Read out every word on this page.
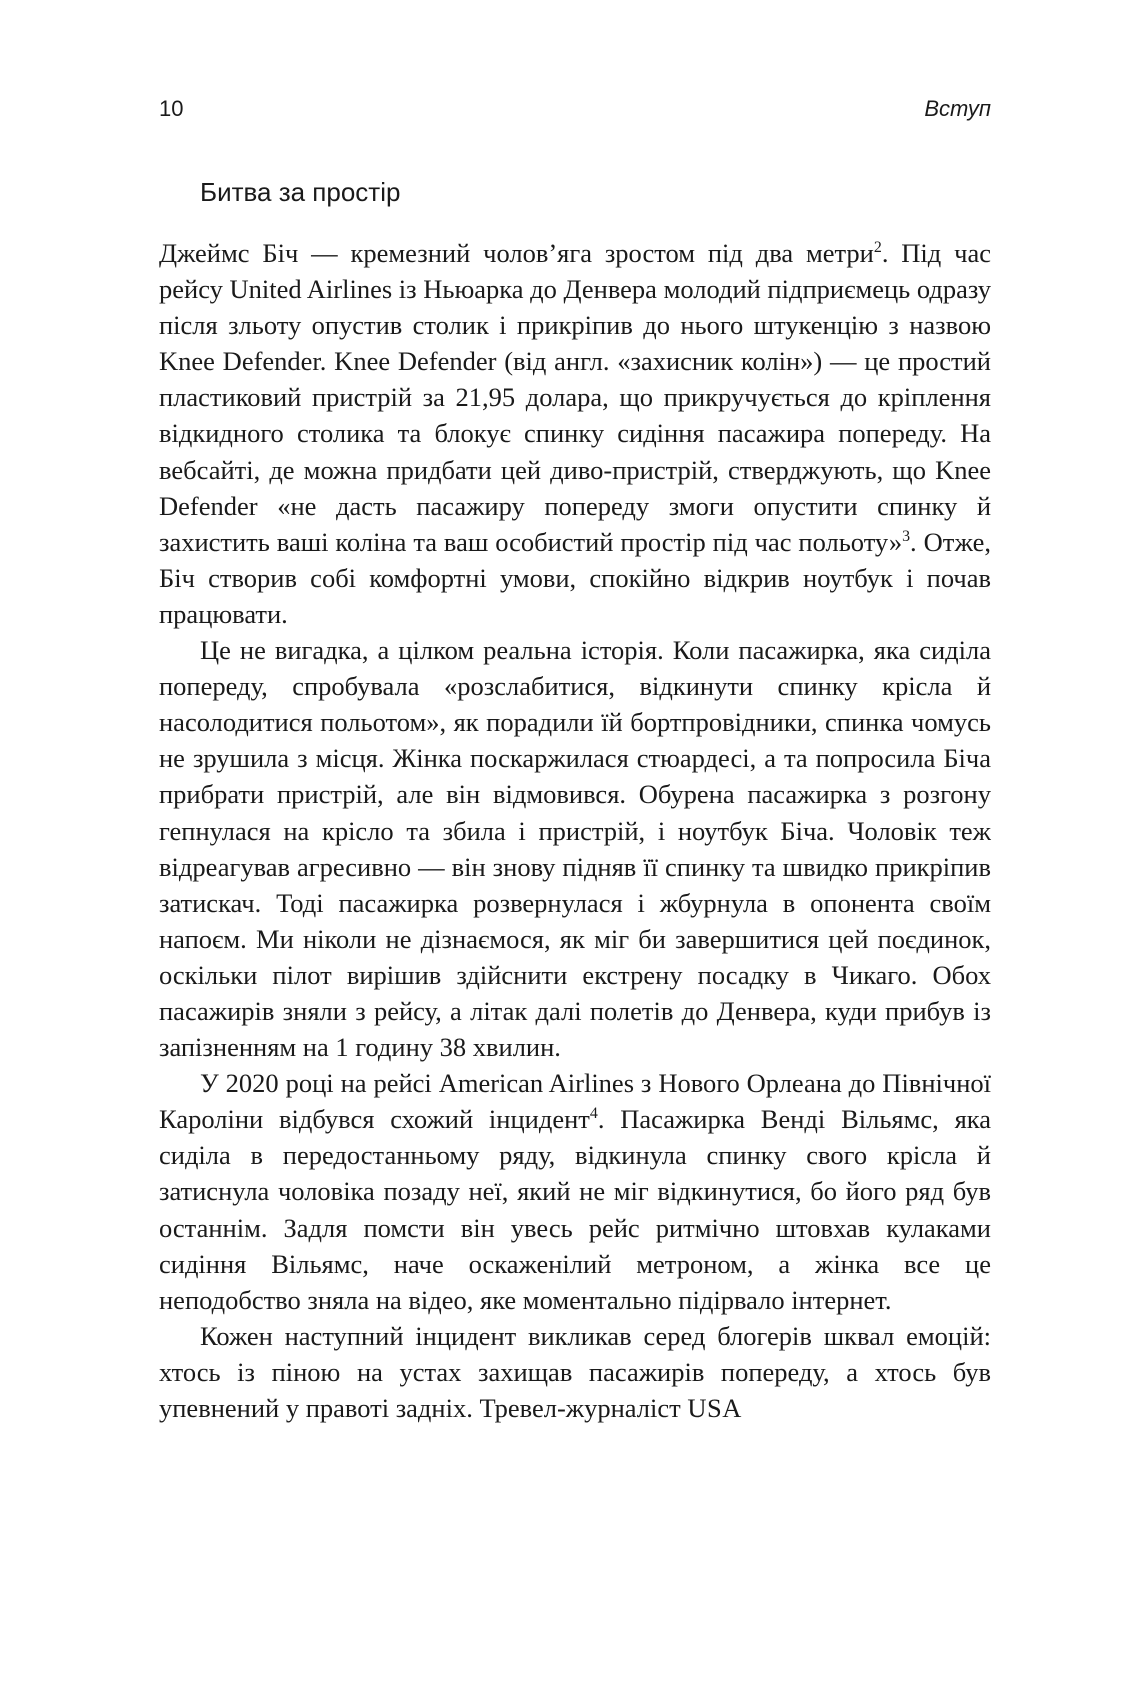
10	Вступ
Битва за простір

Джеймс Біч — кремезний чолов’яга зростом під два метри$^2$. Під час рейсу United Airlines із Ньюарка до Денвера молодий підприємець одразу після зльоту опустив столик і прикріпив до нього штукенцію з назвою Knee Defender. Knee Defender (від англ. «захисник колін») — це простий пластиковий пристрій за 21,95 долара, що прикручується до кріплення відкидного столика та блокує спинку сидіння пасажира попереду. На вебсайті, де можна придбати цей диво-пристрій, стверджують, що Knee Defender «не дасть пасажиру попереду змоги опустити спинку й захистить ваші коліна та ваш особистий простір під час польоту»$^3$. Отже, Біч створив собі комфортні умови, спокійно відкрив ноутбук і почав працювати.

Це не вигадка, а цілком реальна історія. Коли пасажирка, яка сиділа попереду, спробувала «розслабитися, відкинути спинку крісла й насолодитися польотом», як порадили їй бортпровідники, спинка чомусь не зрушила з місця. Жінка поскаржилася стюардесі, а та попросила Біча прибрати пристрій, але він відмовився. Обурена пасажирка з розгону гепнулася на крісло та збила і пристрій, і ноутбук Біча. Чоловік теж відреагував агресивно — він знову підняв її спинку та швидко прикріпив затискач. Тоді пасажирка розвернулася і жбурнула в опонента своїм напоєм. Ми ніколи не дізнаємося, як міг би завершитися цей поєдинок, оскільки пілот вирішив здійснити екстрену посадку в Чикаго. Обох пасажирів зняли з рейсу, а літак далі полетів до Денвера, куди прибув із запізненням на 1 годину 38 хвилин.

У 2020 році на рейсі American Airlines з Нового Орлеана до Північної Кароліни відбувся схожий інцидент$^4$. Пасажирка Венді Вільямс, яка сиділа в передостанньому ряду, відкинула спинку свого крісла й затиснула чоловіка позаду неї, який не міг відкинутися, бо його ряд був останнім. Задля помсти він увесь рейс ритмічно штовхав кулаками сидіння Вільямс, наче оскаженілий метроном, а жінка все це неподобство зняла на відео, яке моментально підірвало інтернет.

Кожен наступний інцидент викликав серед блогерів шквал емоцій: хтось із піною на устах захищав пасажирів попереду, а хтось був упевнений у правоті задніх. Тревел-журналіст USA
